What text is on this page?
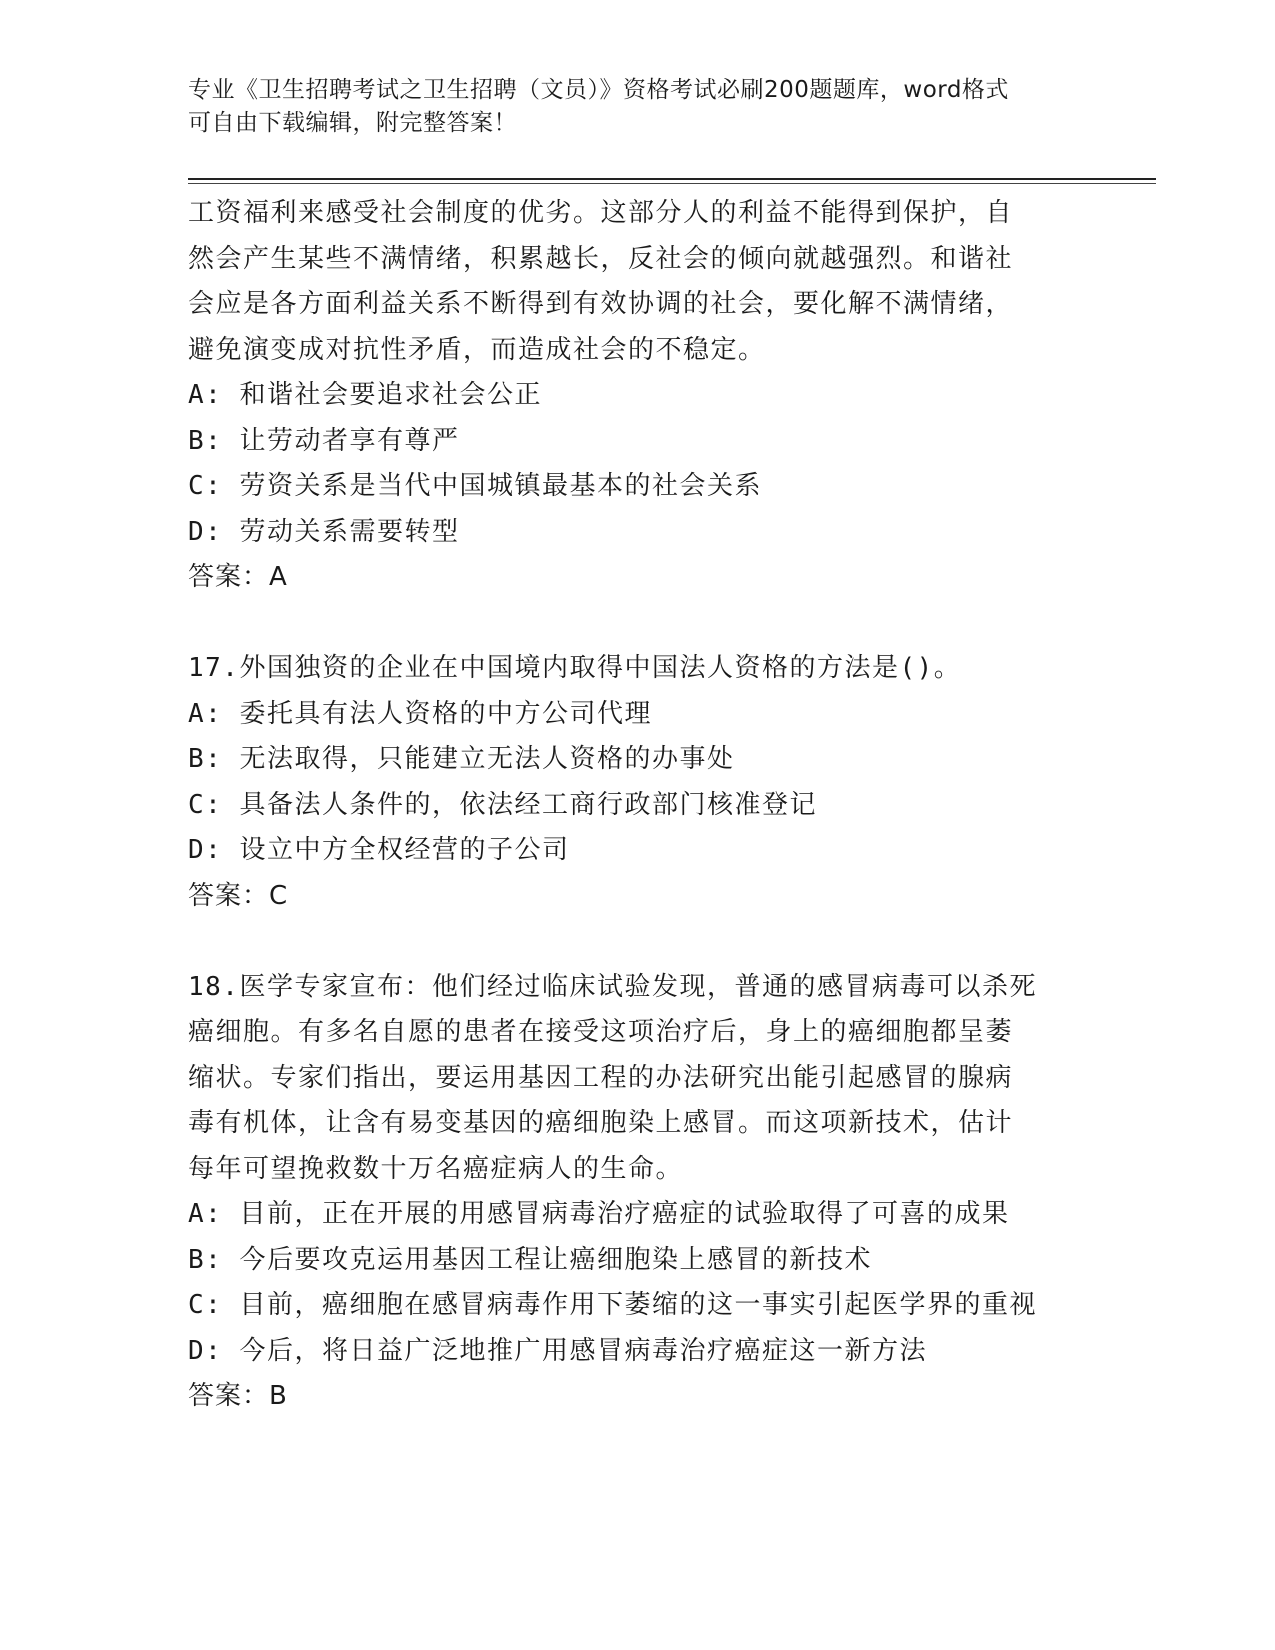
专业《卫生招聘考试之卫生招聘（文员）》资格考试必刷200题题库，word格式
可自由下载编辑，附完整答案！
工资福利来感受社会制度的优劣。这部分人的利益不能得到保护，自
然会产生某些不满情绪，积累越长，反社会的倾向就越强烈。和谐社
会应是各方面利益关系不断得到有效协调的社会，要化解不满情绪，
避免演变成对抗性矛盾，而造成社会的不稳定。
A: 和谐社会要追求社会公正
B: 让劳动者享有尊严
C: 劳资关系是当代中国城镇最基本的社会关系
D: 劳动关系需要转型
答案：A
17.外国独资的企业在中国境内取得中国法人资格的方法是()。
A: 委托具有法人资格的中方公司代理
B: 无法取得，只能建立无法人资格的办事处
C: 具备法人条件的，依法经工商行政部门核准登记
D: 设立中方全权经营的子公司
答案：C
18.医学专家宣布：他们经过临床试验发现，普通的感冒病毒可以杀死
癌细胞。有多名自愿的患者在接受这项治疗后，身上的癌细胞都呈萎
缩状。专家们指出，要运用基因工程的办法研究出能引起感冒的腺病
毒有机体，让含有易变基因的癌细胞染上感冒。而这项新技术，估计
每年可望挽救数十万名癌症病人的生命。
A: 目前，正在开展的用感冒病毒治疗癌症的试验取得了可喜的成果
B: 今后要攻克运用基因工程让癌细胞染上感冒的新技术
C: 目前，癌细胞在感冒病毒作用下萎缩的这一事实引起医学界的重视
D: 今后，将日益广泛地推广用感冒病毒治疗癌症这一新方法
答案：B
